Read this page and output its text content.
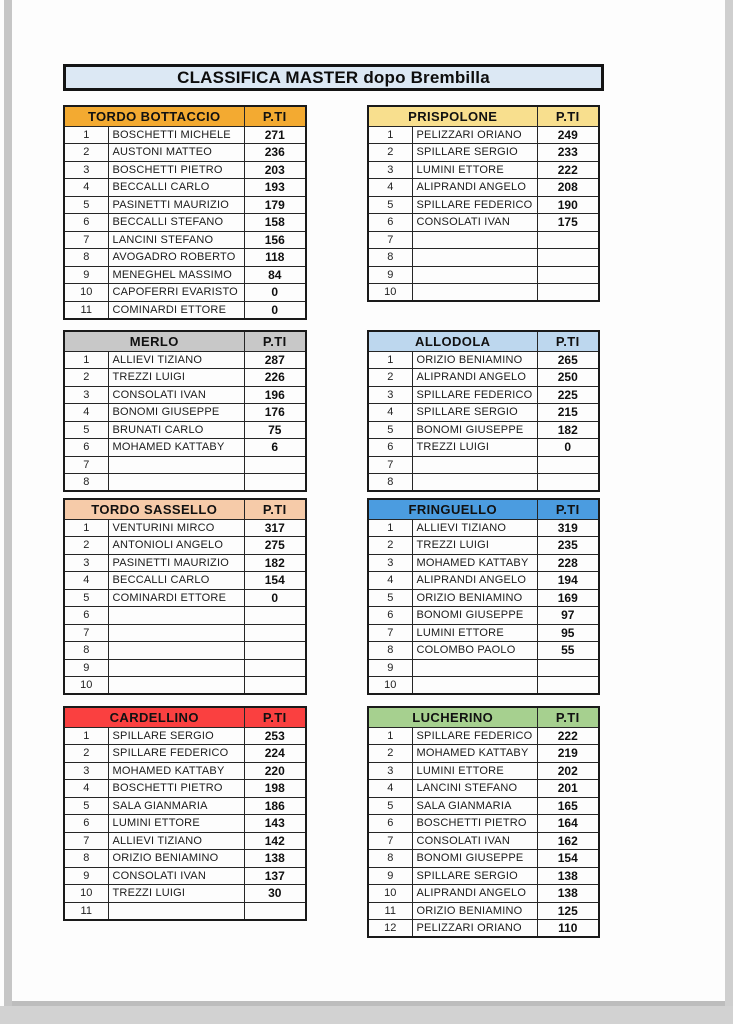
CLASSIFICA MASTER dopo Brembilla
TORDO BOTTACCIO		P.TI
1	BOSCHETTI MICHELE	271
2	AUSTONI MATTEO	236
3	BOSCHETTI PIETRO	203
4	BECCALLI CARLO	193
5	PASINETTI MAURIZIO	179
6	BECCALLI STEFANO	158
7	LANCINI STEFANO	156
8	AVOGADRO ROBERTO	118
9	MENEGHEL MASSIMO	84
10	CAPOFERRI EVARISTO	0
11	COMINARDI ETTORE	0
PRISPOLONE		P.TI
1	PELIZZARI ORIANO	249
2	SPILLARE SERGIO	233
3	LUMINI ETTORE	222
4	ALIPRANDI ANGELO	208
5	SPILLARE FEDERICO	190
6	CONSOLATI IVAN	175
7		
8		
9		
10		
MERLO		P.TI
1	ALLIEVI TIZIANO	287
2	TREZZI LUIGI	226
3	CONSOLATI IVAN	196
4	BONOMI GIUSEPPE	176
5	BRUNATI CARLO	75
6	MOHAMED KATTABY	6
7		
8		
ALLODOLA		P.TI
1	ORIZIO BENIAMINO	265
2	ALIPRANDI ANGELO	250
3	SPILLARE FEDERICO	225
4	SPILLARE SERGIO	215
5	BONOMI GIUSEPPE	182
6	TREZZI LUIGI	0
7		
8		
TORDO SASSELLO		P.TI
1	VENTURINI MIRCO	317
2	ANTONIOLI ANGELO	275
3	PASINETTI MAURIZIO	182
4	BECCALLI CARLO	154
5	COMINARDI ETTORE	0
6		
7		
8		
9		
10		
FRINGUELLO		P.TI
1	ALLIEVI TIZIANO	319
2	TREZZI LUIGI	235
3	MOHAMED KATTABY	228
4	ALIPRANDI ANGELO	194
5	ORIZIO BENIAMINO	169
6	BONOMI GIUSEPPE	97
7	LUMINI ETTORE	95
8	COLOMBO PAOLO	55
9		
10		
CARDELLINO		P.TI
1	SPILLARE SERGIO	253
2	SPILLARE FEDERICO	224
3	MOHAMED KATTABY	220
4	BOSCHETTI PIETRO	198
5	SALA GIANMARIA	186
6	LUMINI ETTORE	143
7	ALLIEVI TIZIANO	142
8	ORIZIO BENIAMINO	138
9	CONSOLATI IVAN	137
10	TREZZI LUIGI	30
11		
LUCHERINO		P.TI
1	SPILLARE FEDERICO	222
2	MOHAMED KATTABY	219
3	LUMINI ETTORE	202
4	LANCINI STEFANO	201
5	SALA GIANMARIA	165
6	BOSCHETTI PIETRO	164
7	CONSOLATI IVAN	162
8	BONOMI GIUSEPPE	154
9	SPILLARE SERGIO	138
10	ALIPRANDI ANGELO	138
11	ORIZIO BENIAMINO	125
12	PELIZZARI ORIANO	110
